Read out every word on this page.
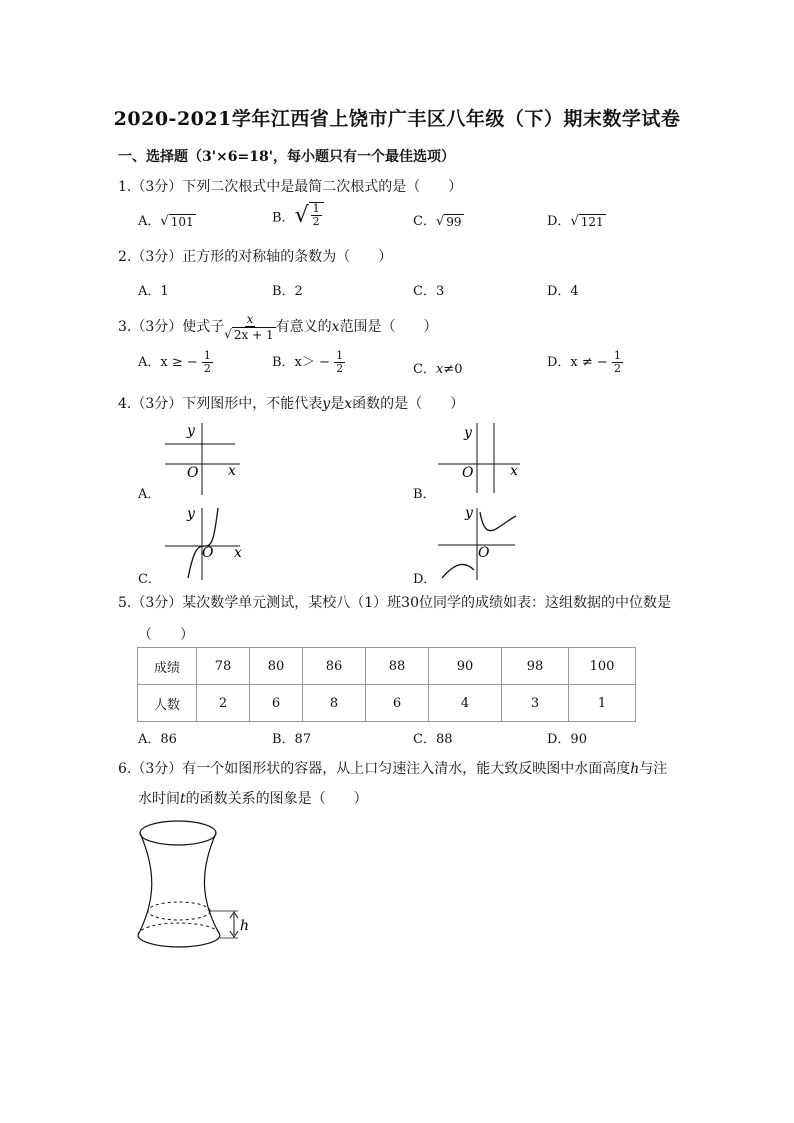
2020-2021学年江西省上饶市广丰区八年级（下）期末数学试卷
一、选择题（3'×6=18'，每小题只有一个最佳选项）
1.（3分）下列二次根式中是最简二次根式的是（　　）
A． √ 101	B． √ $\frac{1}{2}$	C． √ 99	D． √ 121
2.（3分）正方形的对称轴的条数为（　　）
A．1	B．2	C．3	D．4
3.（3分）使式子 $\frac{x}{√ 2x + 1}$ 有意义的x范围是（　　）
A．x ≥ − $\frac{1}{2}$	B．$x> - \frac{1}{2}$	C．x≠0	D．x ≠ − $\frac{1}{2}$
4.（3分）下列图形中，不能代表y是x函数的是（　　）
y
O x
A．
y
O	x
B．
y
O x
C．
y
O
D．
5.（3分）某次数学单元测试，某校八（1）班30位同学的成绩如表：这组数据的中位数是
（　　）
成绩	78	80	86	88	90	98	100
人数	2	6	8	6	4	3	1
A．86	B．87	C．88	D．90
6.（3分）有一个如图形状的容器，从上口匀速注入清水，能大致反映图中水面高度h与注
水时间t的函数关系的图象是（　　）
h
